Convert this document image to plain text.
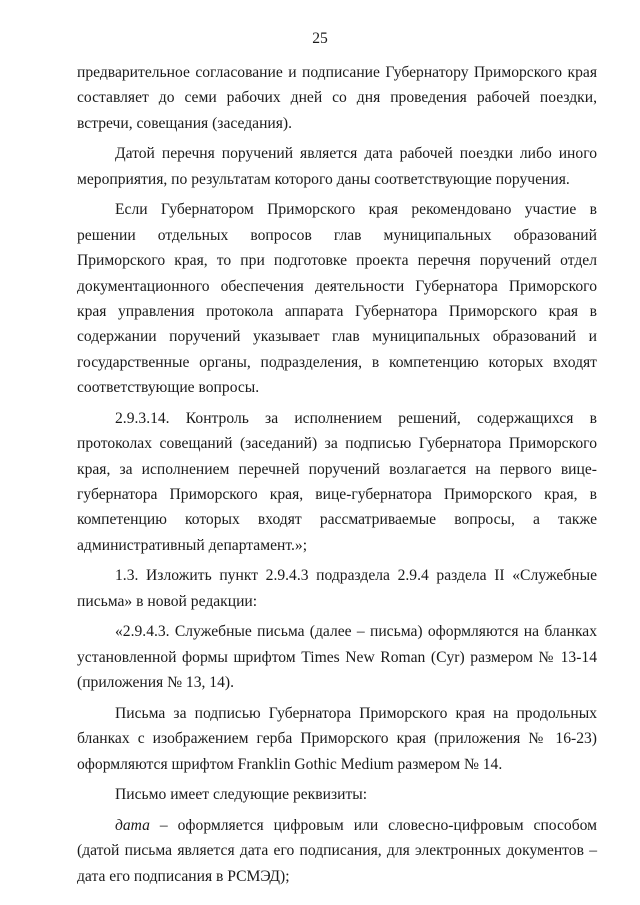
25

предварительное согласование и подписание Губернатору Приморского края составляет до семи рабочих дней со дня проведения рабочей поездки, встречи, совещания (заседания).

Датой перечня поручений является дата рабочей поездки либо иного мероприятия, по результатам которого даны соответствующие поручения.

Если Губернатором Приморского края рекомендовано участие в решении отдельных вопросов глав муниципальных образований Приморского края, то при подготовке проекта перечня поручений отдел документационного обеспечения деятельности Губернатора Приморского края управления протокола аппарата Губернатора Приморского края в содержании поручений указывает глав муниципальных образований и государственные органы, подразделения, в компетенцию которых входят соответствующие вопросы.

2.9.3.14. Контроль за исполнением решений, содержащихся в протоколах совещаний (заседаний) за подписью Губернатора Приморского края, за исполнением перечней поручений возлагается на первого вице-губернатора Приморского края, вице-губернатора Приморского края, в компетенцию которых входят рассматриваемые вопросы, а также административный департамент.»;

1.3. Изложить пункт 2.9.4.3 подраздела 2.9.4 раздела II «Служебные письма» в новой редакции:

«2.9.4.3. Служебные письма (далее – письма) оформляются на бланках установленной формы шрифтом Times New Roman (Cyr) размером № 13-14 (приложения № 13, 14).

Письма за подписью Губернатора Приморского края на продольных бланках с изображением герба Приморского края (приложения № 16-23) оформляются шрифтом Franklin Gothic Medium размером № 14.

Письмо имеет следующие реквизиты:

дата – оформляется цифровым или словесно-цифровым способом (датой письма является дата его подписания, для электронных документов – дата его подписания в РСМЭД);
